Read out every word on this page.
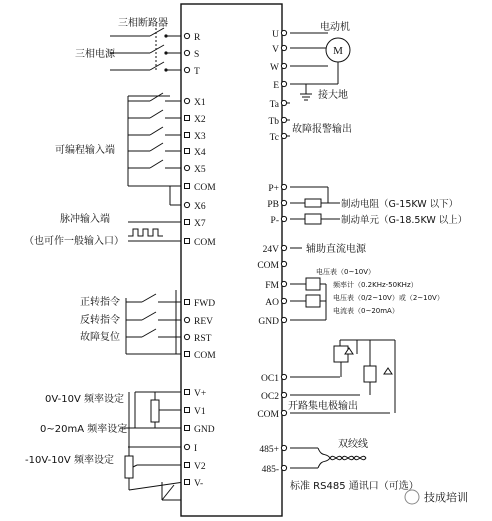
R
S
T
X1
X2
X3
X4
X5
COM
X6
X7
COM
FWD
REV
RST
COM
V+
V1
GND
I
V2
V-
U
V
W
E
Ta
Tb
Tc
P+
PB
P-
24V
COM
FM
AO
GND
OC1
OC2
COM
485+
485-
三相断路器
三相电源
可编程输入端
脉冲输入端
（也可作一般输入口）
正转指令
反转指令
故障复位
0V-10V 频率设定
0~20mA 频率设定
-10V-10V 频率设定
M
电动机
接大地
故障报警输出
制动电阻（G-15KW 以下）
制动单元（G-18.5KW 以上）
辅助直流电源
电压表（0~10V）
频率计（0.2KHz-50KHz）
电压表（0/2~10V）或（2~10V）
电流表（0~20mA）
开路集电极输出
双绞线
标准 RS485 通讯口（可选）
技成培训
